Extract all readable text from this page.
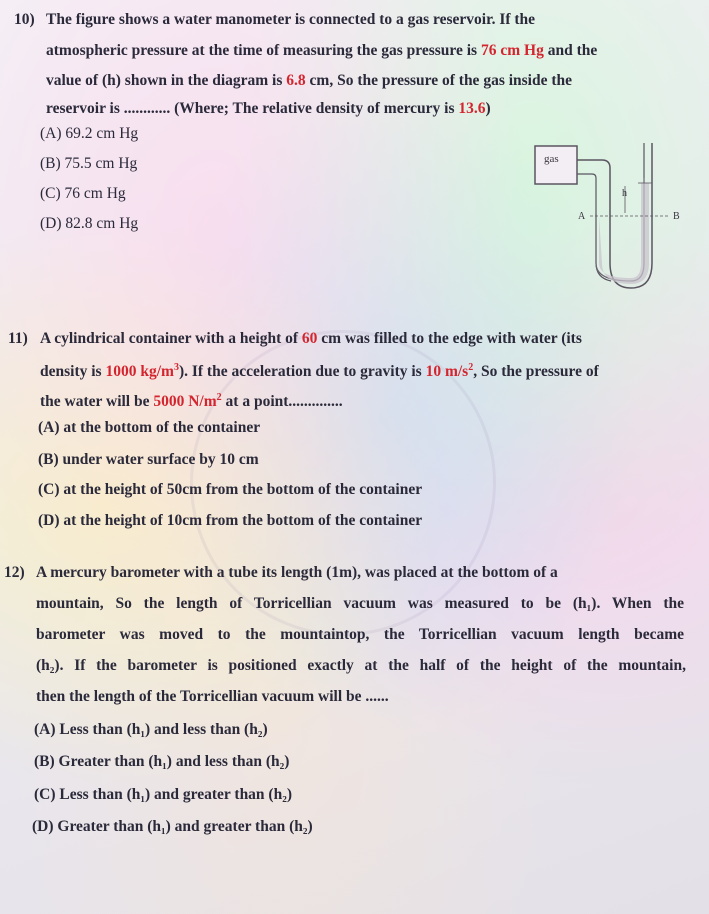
10) The figure shows a water manometer is connected to a gas reservoir. If the
atmospheric pressure at the time of measuring the gas pressure is 76 cm Hg and the
value of (h) shown in the diagram is 6.8 cm, So the pressure of the gas inside the
reservoir is ............ (Where; The relative density of mercury is 13.6)
(A) 69.2 cm Hg
(B) 75.5 cm Hg
(C) 76 cm Hg
(D) 82.8 cm Hg
gas
h
A	B
11) A cylindrical container with a height of 60 cm was filled to the edge with water (its
density is 1000 $kg/m^3$). If the acceleration due to gravity is 10 $m/s^2$, So the pressure of
the water will be 5000 $N/m^2$ at a point..............
(A) at the bottom of the container
(B) under water surface by 10 cm
(C) at the height of 50cm from the bottom of the container
(D) at the height of 10cm from the bottom of the container
12) A mercury barometer with a tube its length (1m), was placed at the bottom of a
mountain, So the length of Torricellian vacuum was measured to be (h₁). When the
barometer was moved to the mountaintop, the Torricellian vacuum length became
(h₂). If the barometer is positioned exactly at the half of the height of the mountain,
then the length of the Torricellian vacuum will be ......
(A) Less than (h₁) and less than (h₂)
(B) Greater than (h₁) and less than (h₂)
(C) Less than (h₁) and greater than (h₂)
(D) Greater than (h₁) and greater than (h₂)
